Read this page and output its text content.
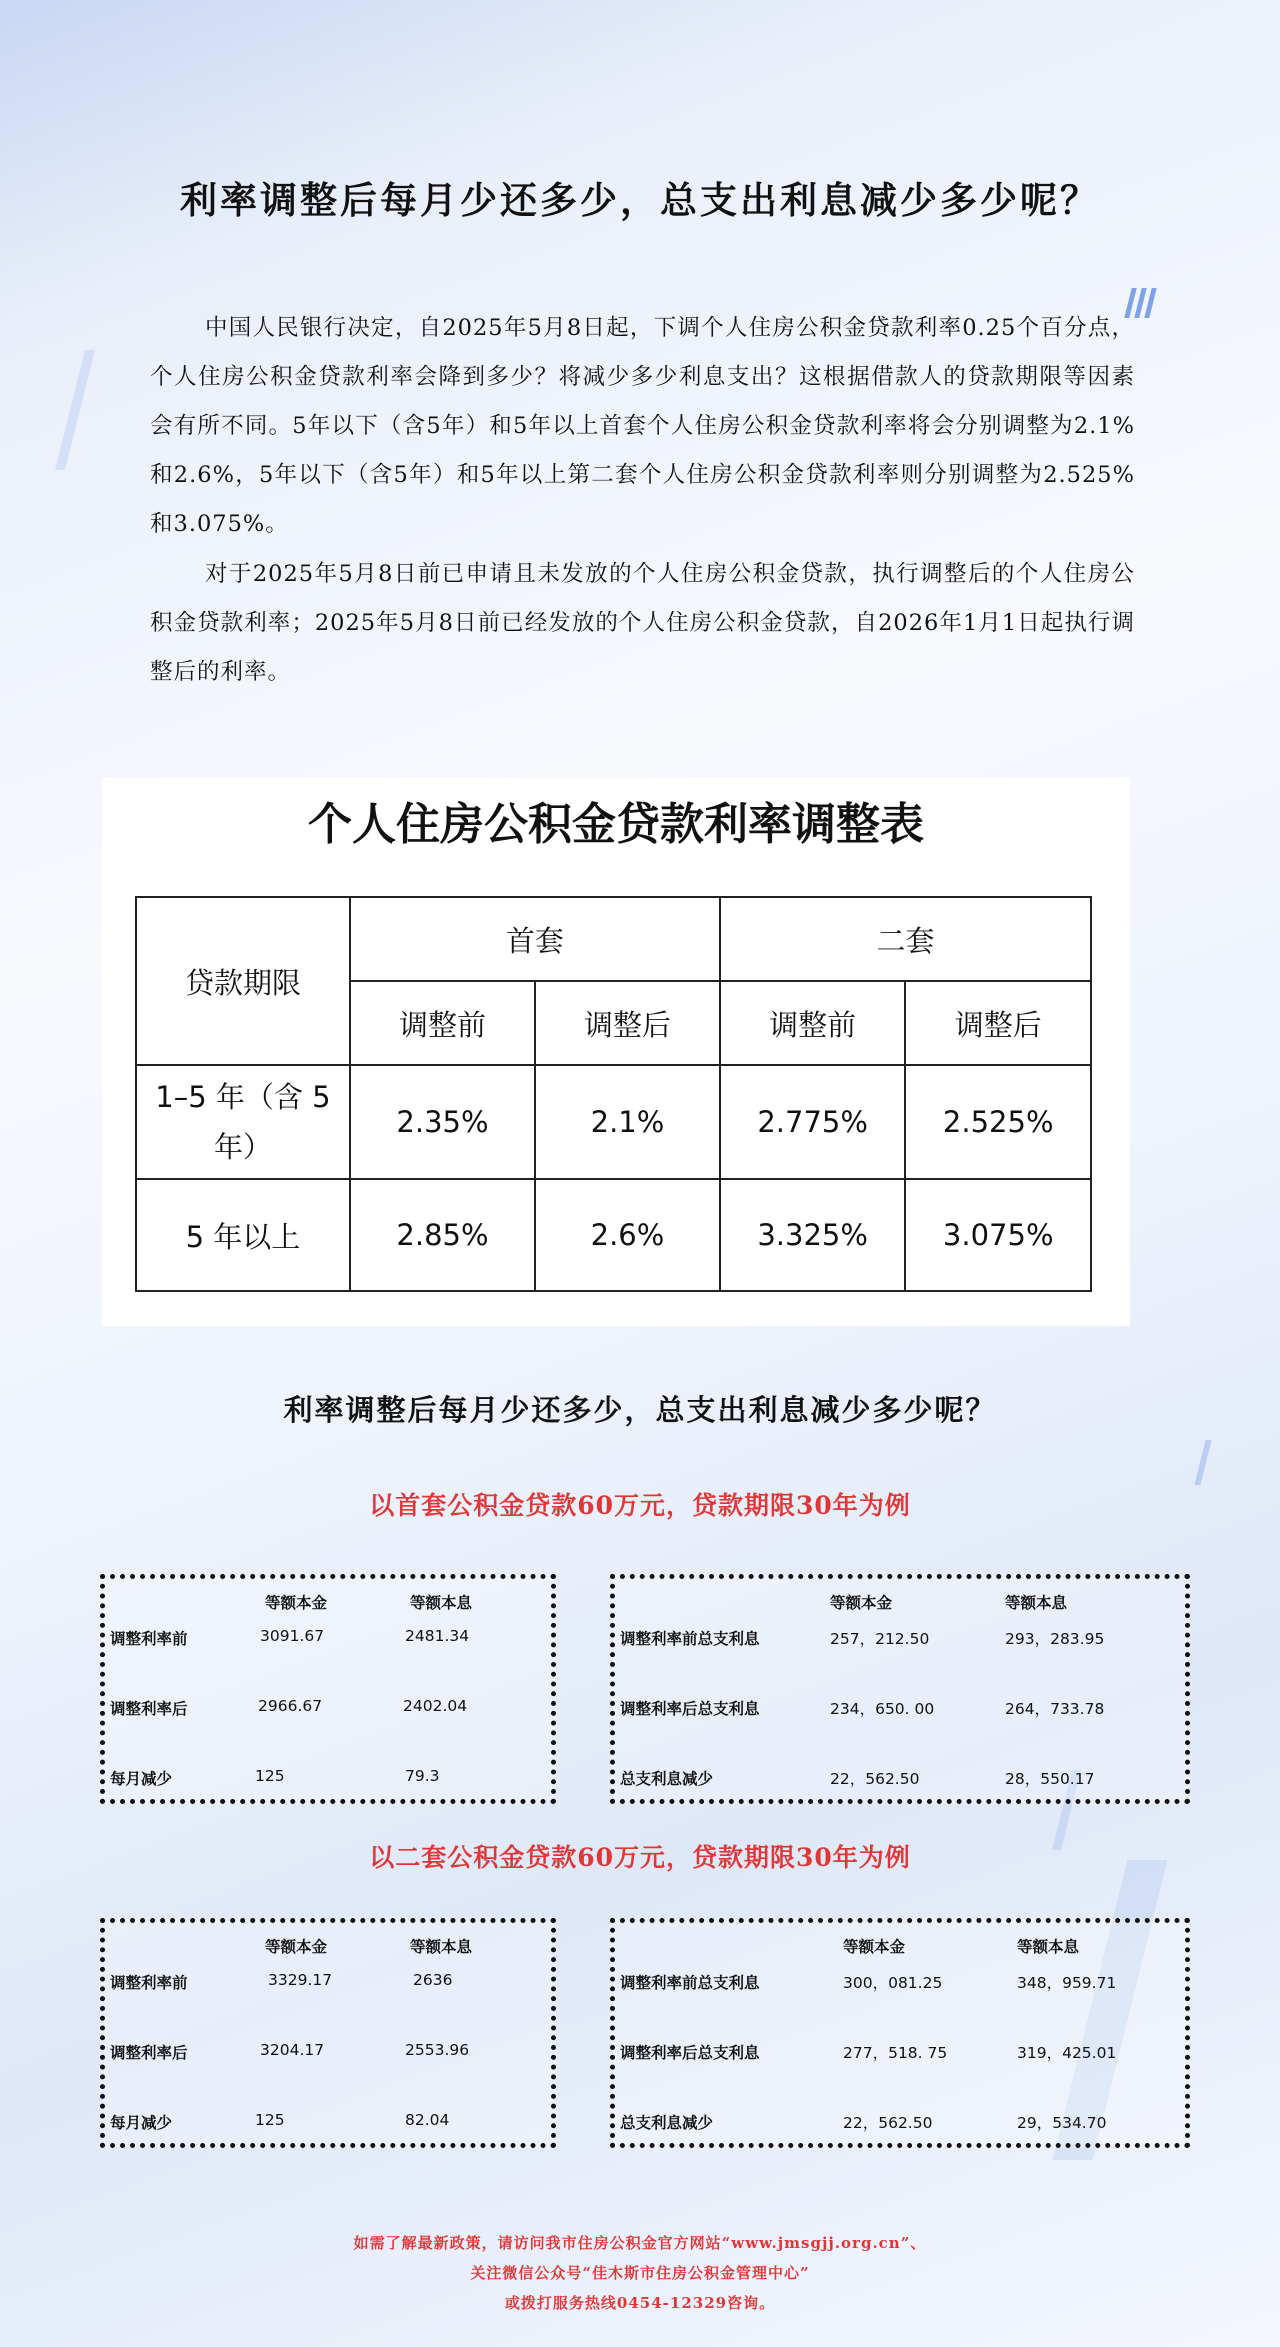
利率调整后每月少还多少，总支出利息减少多少呢？

中国人民银行决定，自2025年5月8日起，下调个人住房公积金贷款利率0.25个百分点，个人住房公积金贷款利率会降到多少？将减少多少利息支出？这根据借款人的贷款期限等因素会有所不同。5年以下（含5年）和5年以上首套个人住房公积金贷款利率将会分别调整为2.1%和2.6%，5年以下（含5年）和5年以上第二套个人住房公积金贷款利率则分别调整为2.525%和3.075%。

对于2025年5月8日前已申请且未发放的个人住房公积金贷款，执行调整后的个人住房公积金贷款利率；2025年5月8日前已经发放的个人住房公积金贷款，自2026年1月1日起执行调整后的利率。

个人住房公积金贷款利率调整表
贷款期限	首套		二套	
	调整前	调整后	调整前	调整后
1–5 年（含 5 年）	2.35%	2.1%	2.775%	2.525%
5 年以上	2.85%	2.6%	3.325%	3.075%
利率调整后每月少还多少，总支出利息减少多少呢？
以首套公积金贷款60万元，贷款期限30年为例
等额本金	等额本息
调整利率前	3091.67	2481.34
调整利率后	2966.67	2402.04
每月减少	125	79.3
等额本金	等额本息
调整利率前总支利息	257，212.50	293，283.95
调整利率后总支利息	234，650. 00	264，733.78
总支利息减少	22，562.50	28，550.17
以二套公积金贷款60万元，贷款期限30年为例
等额本金	等额本息
调整利率前	3329.17	2636
调整利率后	3204.17	2553.96
每月减少	125	82.04
等额本金	等额本息
调整利率前总支利息	300，081.25	348，959.71
调整利率后总支利息	277，518. 75	319，425.01
总支利息减少	22，562.50	29，534.70
如需了解最新政策，请访问我市住房公积金官方网站“www.jmsgjj.org.cn”、
关注微信公众号“佳木斯市住房公积金管理中心”
或拨打服务热线0454-12329咨询。
